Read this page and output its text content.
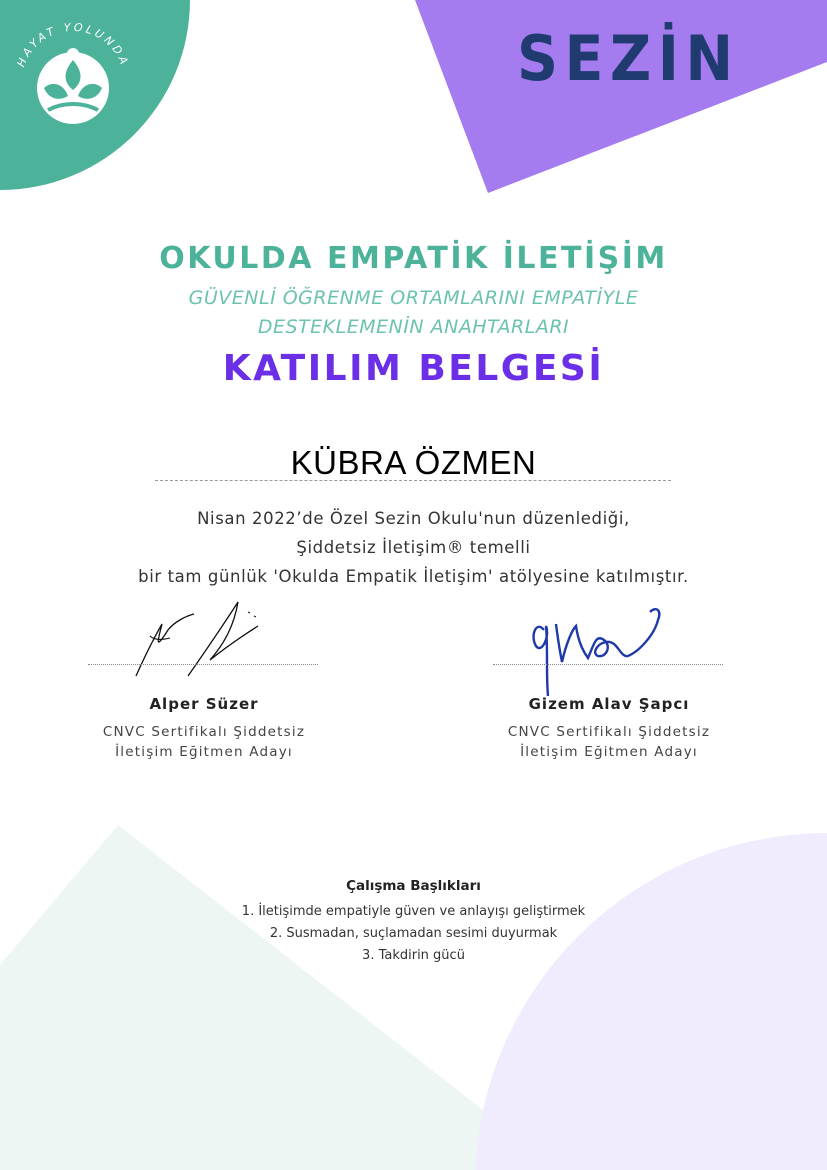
HAYAT YOLUNDA	SEZİN
OKULDA EMPATİK İLETİŞİM
GÜVENLİ ÖĞRENME ORTAMLARINI EMPATİYLE
DESTEKLEMENİN ANAHTARLARI
KATILIM BELGESİ
KÜBRA ÖZMEN
Nisan 2022’de Özel Sezin Okulu'nun düzenlediği,
Şiddetsiz İletişim® temelli
bir tam günlük 'Okulda Empatik İletişim' atölyesine katılmıştır.
Alper Süzer
CNVC Sertifikalı Şiddetsiz
İletişim Eğitmen Adayı
Gizem Alav Şapcı
CNVC Sertifikalı Şiddetsiz
İletişim Eğitmen Adayı
Çalışma Başlıkları
1. İletişimde empatiyle güven ve anlayışı geliştirmek
2. Susmadan, suçlamadan sesimi duyurmak
3. Takdirin gücü
